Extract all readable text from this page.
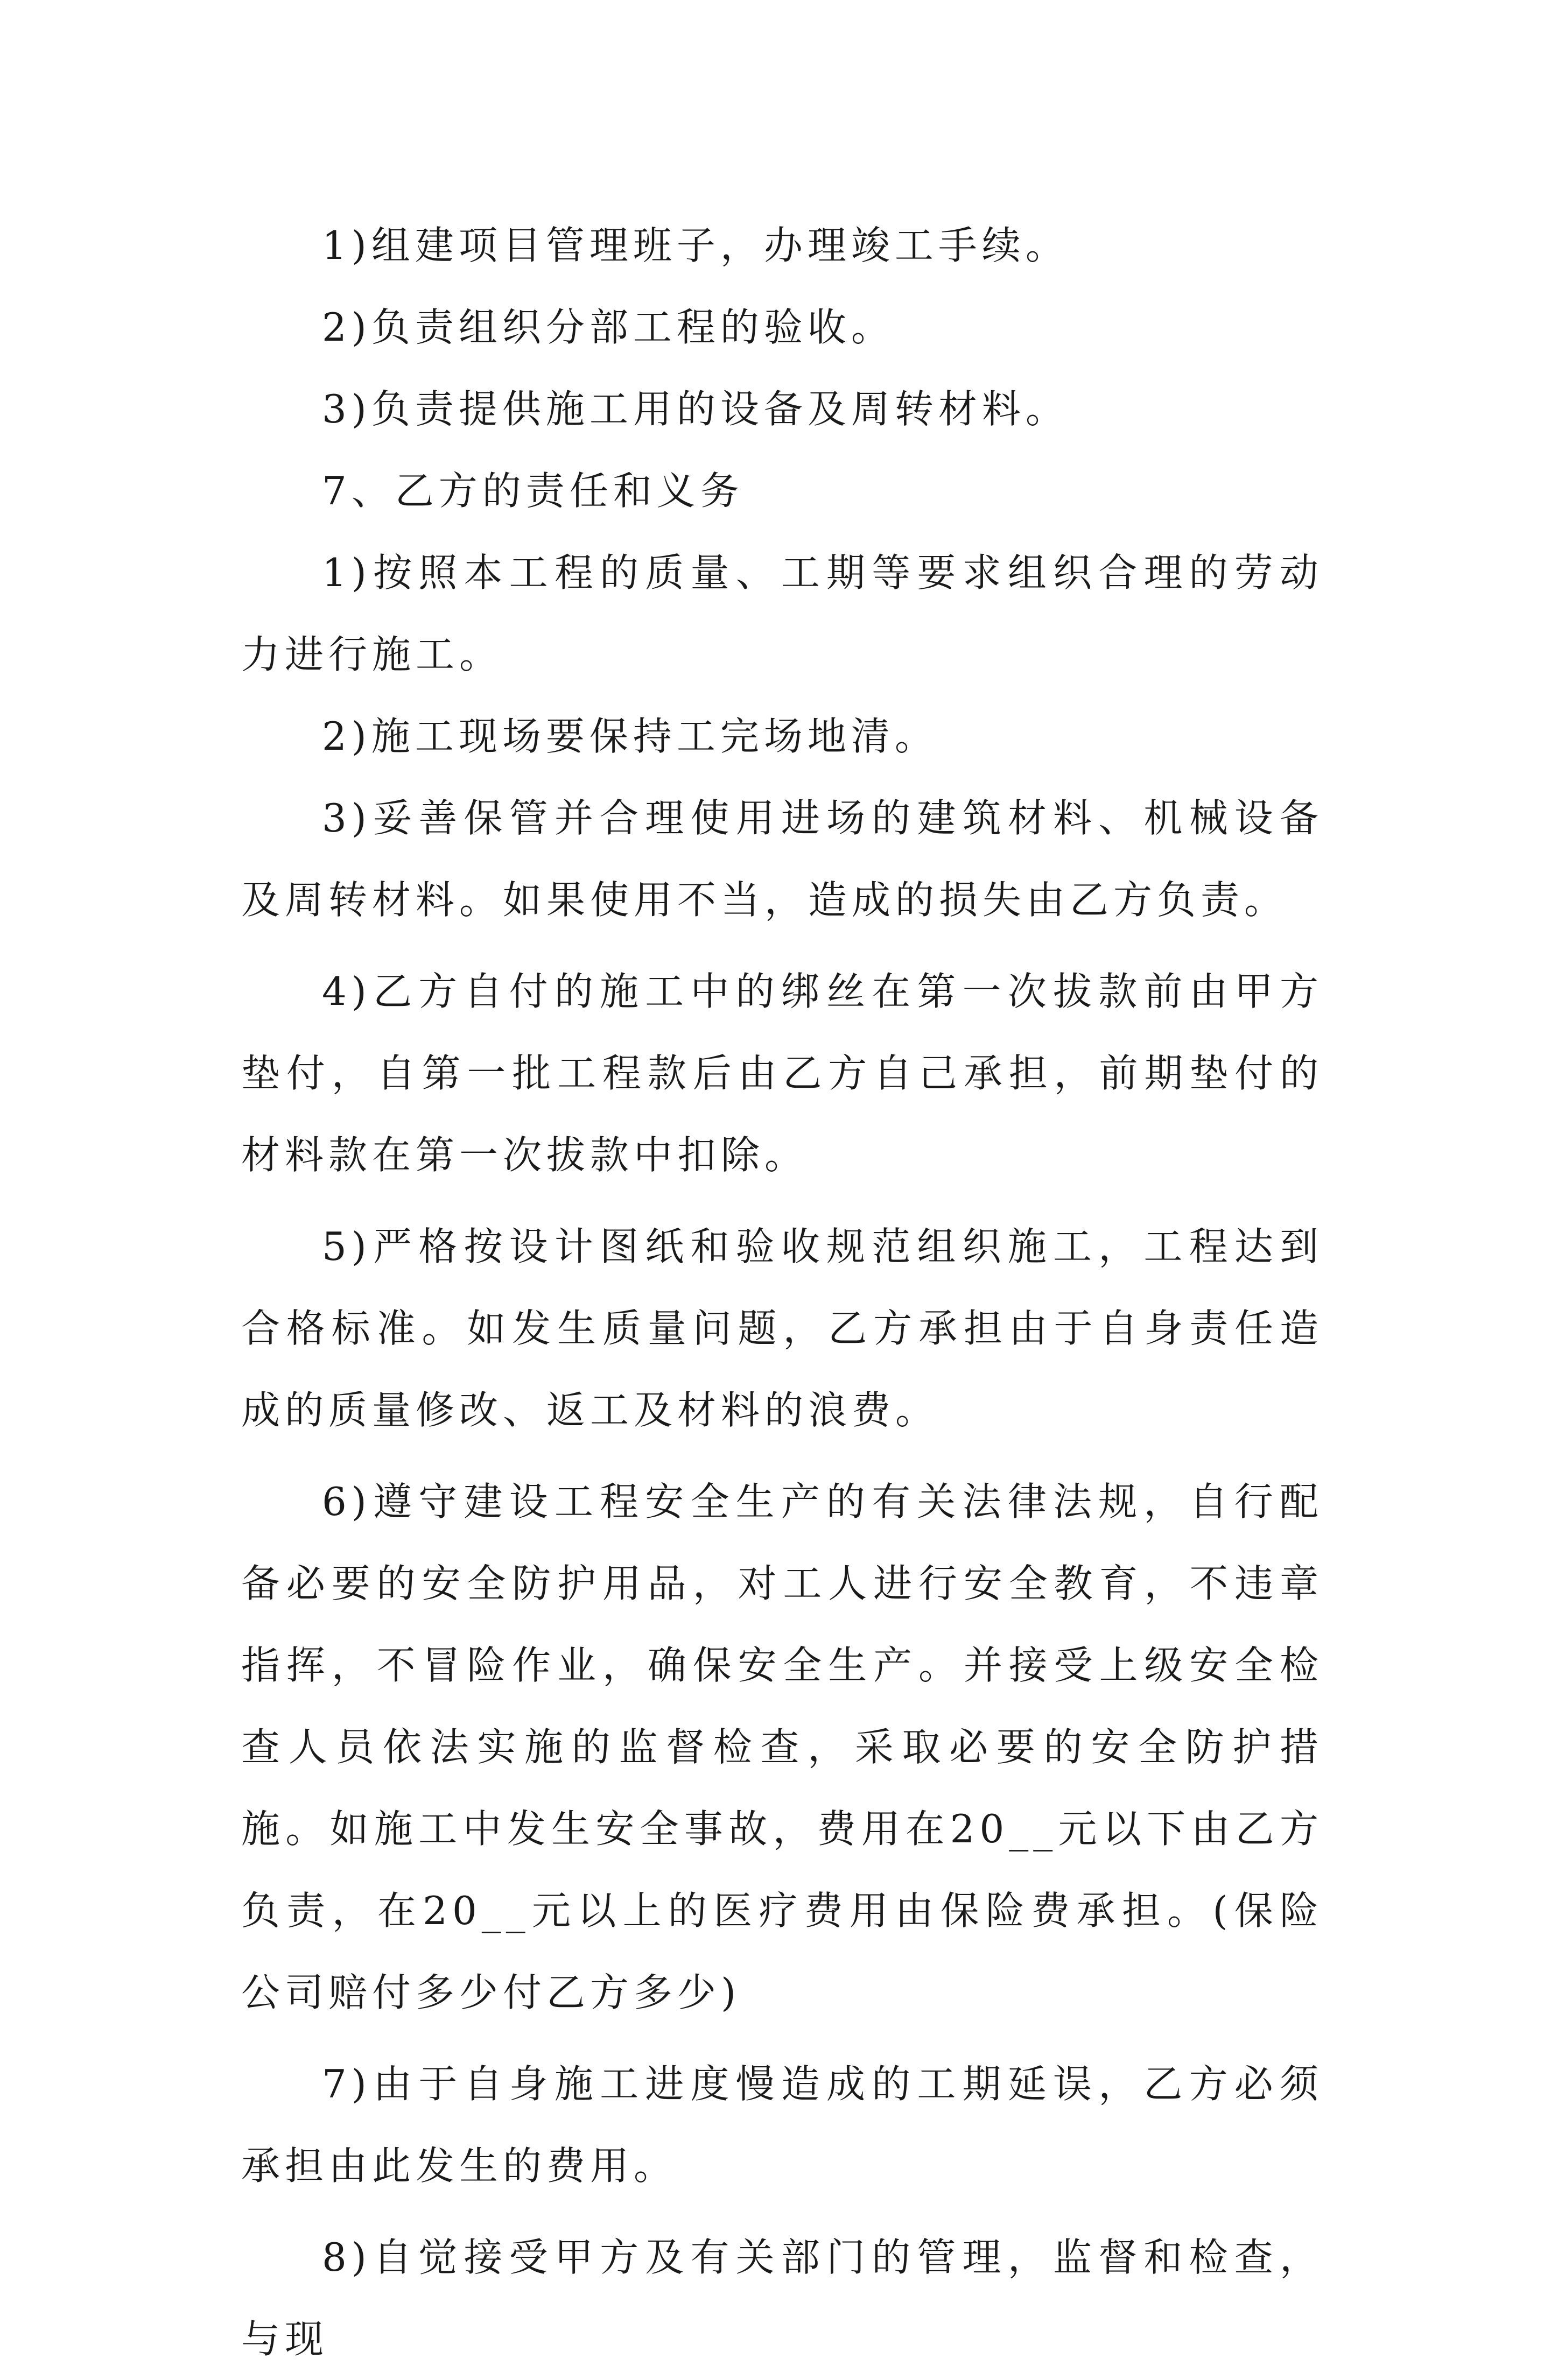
1)组建项目管理班子，办理竣工手续。

2)负责组织分部工程的验收。

3)负责提供施工用的设备及周转材料。

7、乙方的责任和义务

1)按照本工程的质量、工期等要求组织合理的劳动力进行施工。

2)施工现场要保持工完场地清。

3)妥善保管并合理使用进场的建筑材料、机械设备及周转材料。如果使用不当，造成的损失由乙方负责。

4)乙方自付的施工中的绑丝在第一次拔款前由甲方垫付，自第一批工程款后由乙方自己承担，前期垫付的材料款在第一次拔款中扣除。

5)严格按设计图纸和验收规范组织施工，工程达到合格标准。如发生质量问题，乙方承担由于自身责任造成的质量修改、返工及材料的浪费。

6)遵守建设工程安全生产的有关法律法规，自行配备必要的安全防护用品，对工人进行安全教育，不违章指挥，不冒险作业，确保安全生产。并接受上级安全检查人员依法实施的监督检查，采取必要的安全防护措施。如施工中发生安全事故，费用在20__元以下由乙方负责，在20__元以上的医疗费用由保险费承担。(保险公司赔付多少付乙方多少)

7)由于自身施工进度慢造成的工期延误，乙方必须承担由此发生的费用。

8)自觉接受甲方及有关部门的管理，监督和检查，与现
